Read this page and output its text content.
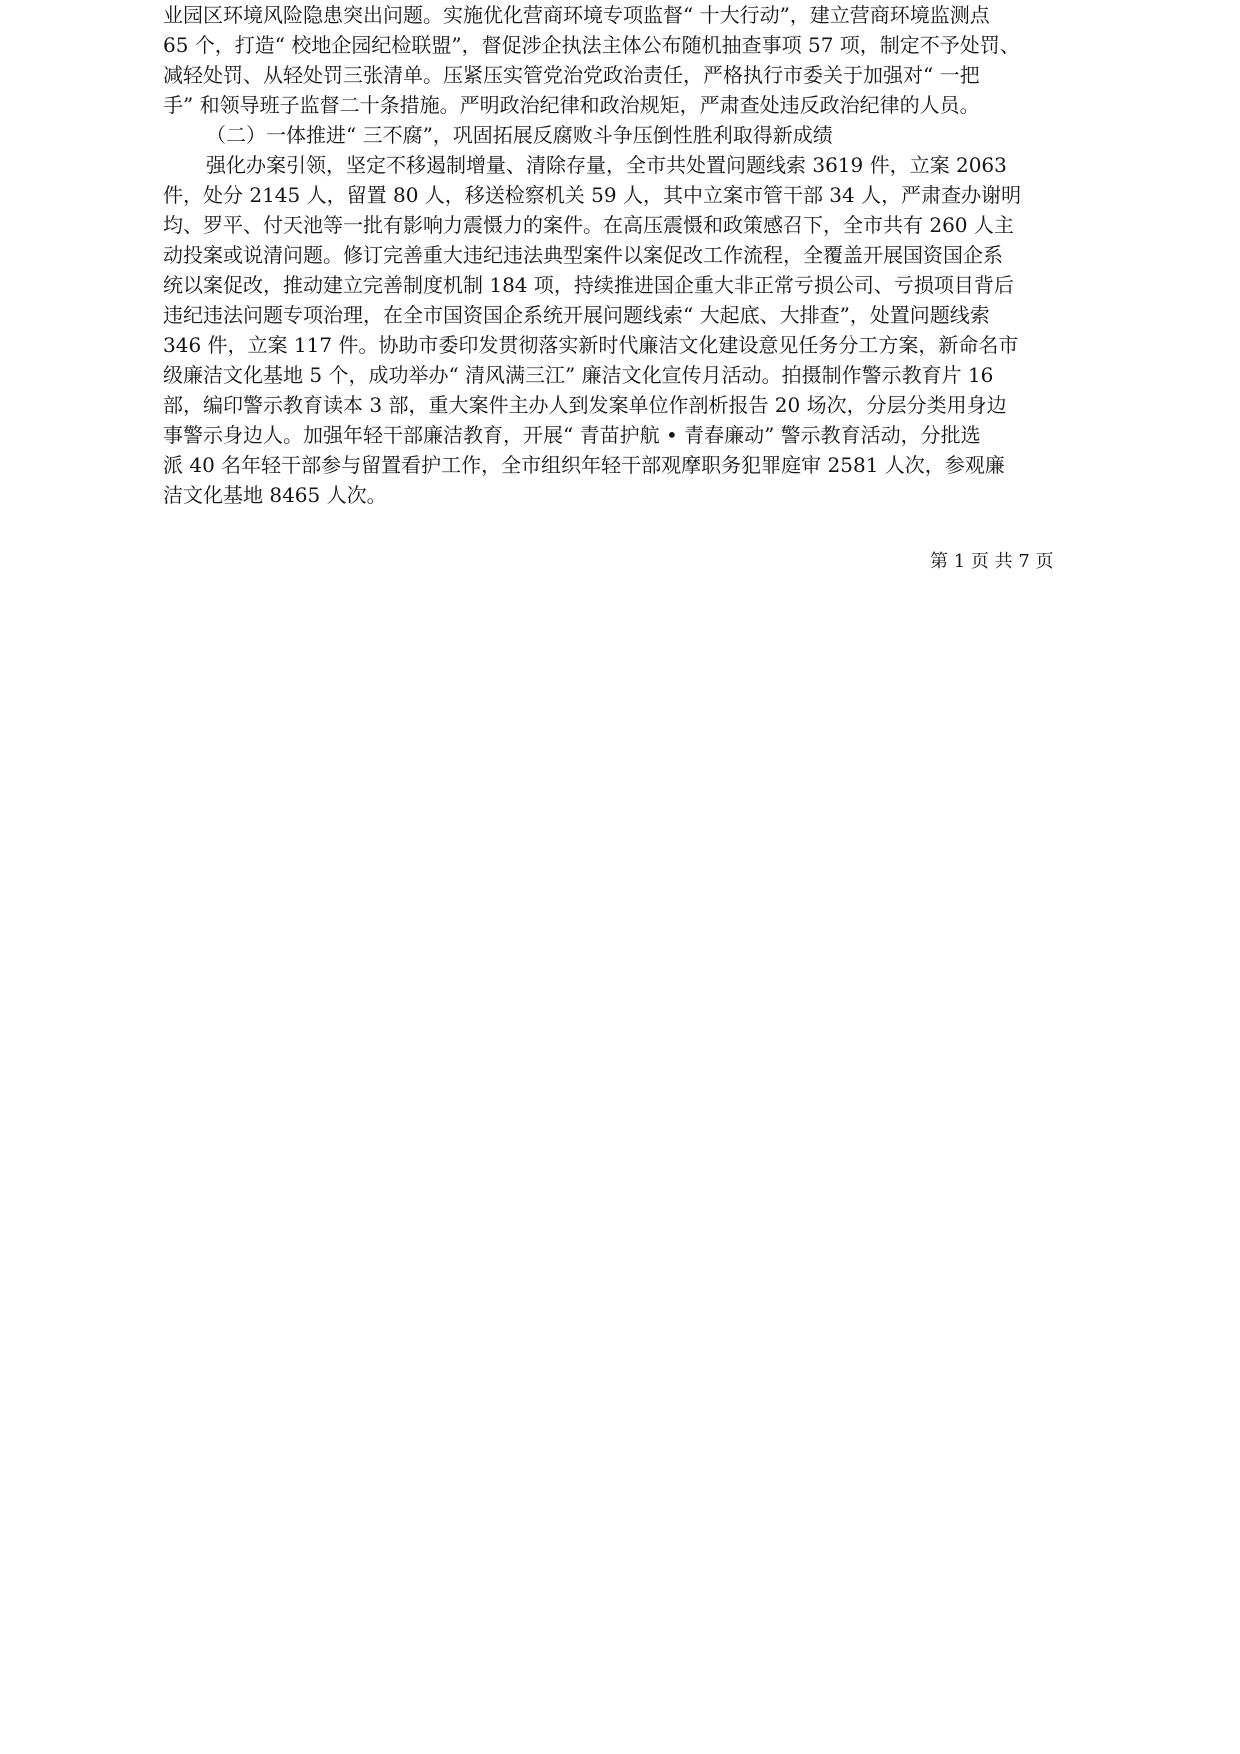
业园区环境风险隐患突出问题。实施优化营商环境专项监督“ 十大行动”，建立营商环境监测点
65 个，打造“ 校地企园纪检联盟”，督促涉企执法主体公布随机抽查事项 57 项，制定不予处罚、
减轻处罚、从轻处罚三张清单。压紧压实管党治党政治责任，严格执行市委关于加强对“ 一把
手” 和领导班子监督二十条措施。严明政治纪律和政治规矩，严肃查处违反政治纪律的人员。
（二）一体推进“ 三不腐”，巩固拓展反腐败斗争压倒性胜利取得新成绩
强化办案引领，坚定不移遏制增量、清除存量，全市共处置问题线索 3619 件，立案 2063
件，处分 2145 人，留置 80 人，移送检察机关 59 人，其中立案市管干部 34 人，严肃查办谢明
均、罗平、付天池等一批有影响力震慑力的案件。在高压震慑和政策感召下，全市共有 260 人主
动投案或说清问题。修订完善重大违纪违法典型案件以案促改工作流程，全覆盖开展国资国企系
统以案促改，推动建立完善制度机制 184 项，持续推进国企重大非正常亏损公司、亏损项目背后
违纪违法问题专项治理，在全市国资国企系统开展问题线索“ 大起底、大排查”，处置问题线索
346 件，立案 117 件。协助市委印发贯彻落实新时代廉洁文化建设意见任务分工方案，新命名市
级廉洁文化基地 5 个，成功举办“ 清风满三江” 廉洁文化宣传月活动。拍摄制作警示教育片 16
部，编印警示教育读本 3 部，重大案件主办人到发案单位作剖析报告 20 场次，分层分类用身边
事警示身边人。加强年轻干部廉洁教育，开展“ 青苗护航 • 青春廉动” 警示教育活动，分批选
派 40 名年轻干部参与留置看护工作，全市组织年轻干部观摩职务犯罪庭审 2581 人次，参观廉
洁文化基地 8465 人次。
第 1 页 共 7 页
